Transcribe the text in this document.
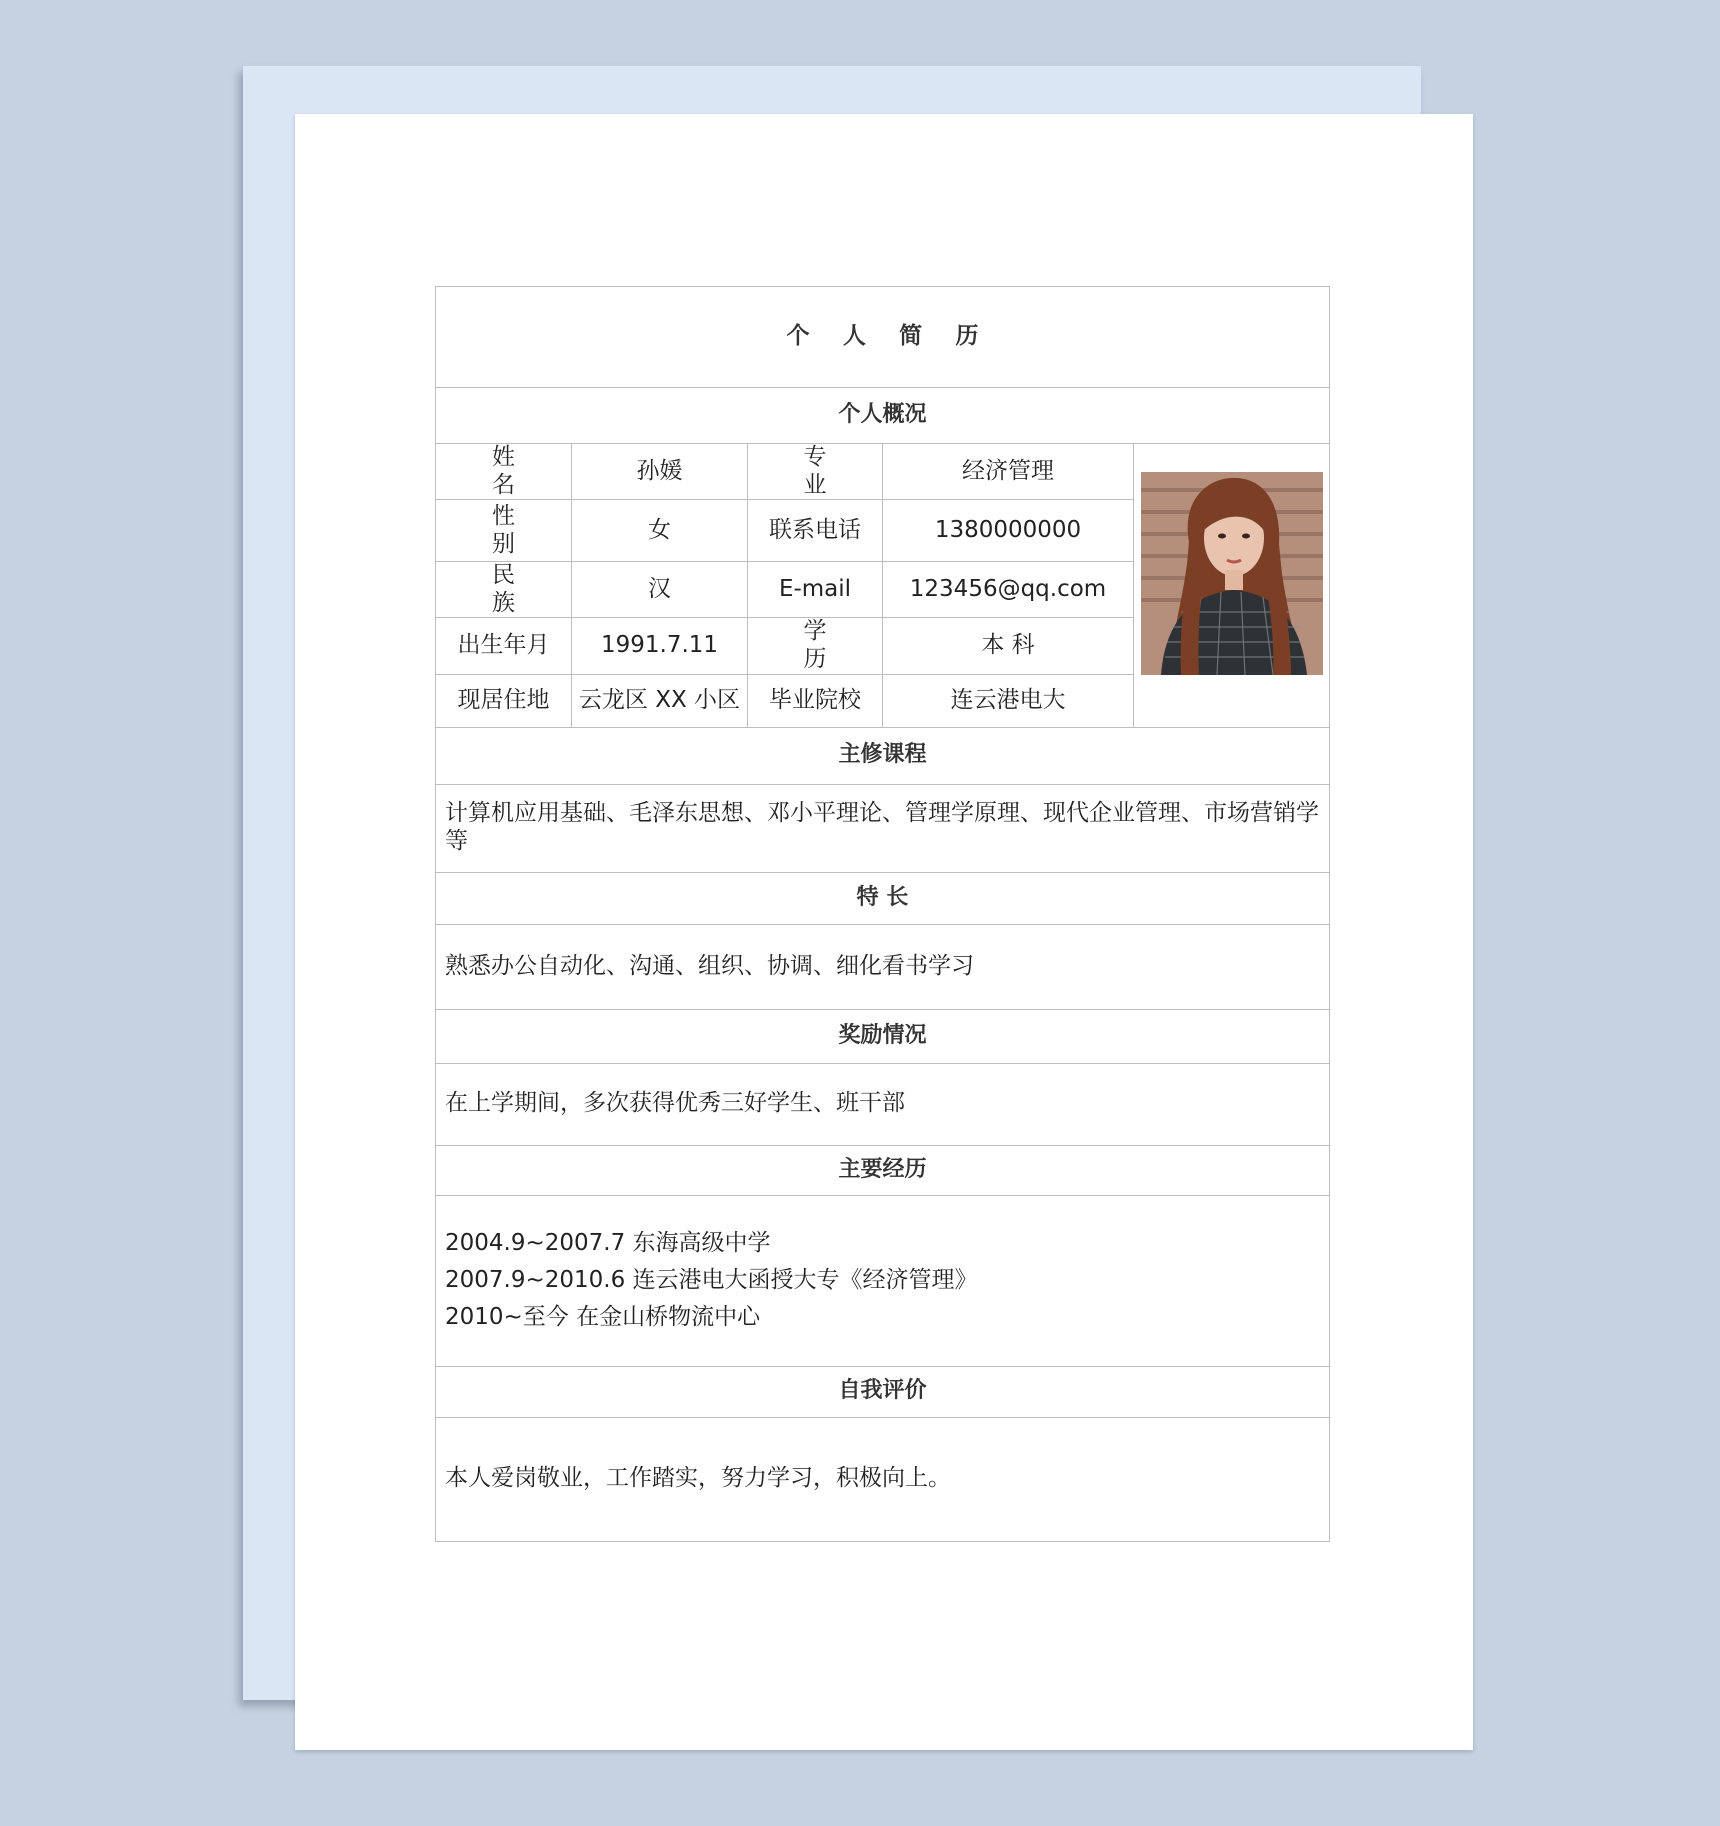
个 人 简 历				
个人概况				
姓 名	孙媛	专 业	经济管理	

性 别	女	联系电话	1380000000	
民 族	汉	E-mail	123456@qq.com	
出生年月	1991.7.11	学 历	本 科	
现居住地	云龙区 XX 小区	毕业院校	连云港电大	
主修课程				
计算机应用基础、毛泽东思想、邓小平理论、管理学原理、现代企业管理、市场营销学等				
特 长				
熟悉办公自动化、沟通、组织、协调、细化看书学习				
奖励情况				
在上学期间，多次获得优秀三好学生、班干部				
主要经历				

2004.9~2007.7 东海高级中学
2007.9~2010.6 连云港电大函授大专《经济管理》
2010~至今 在金山桥物流中心				

自我评价				
本人爱岗敬业，工作踏实，努力学习，积极向上。				
